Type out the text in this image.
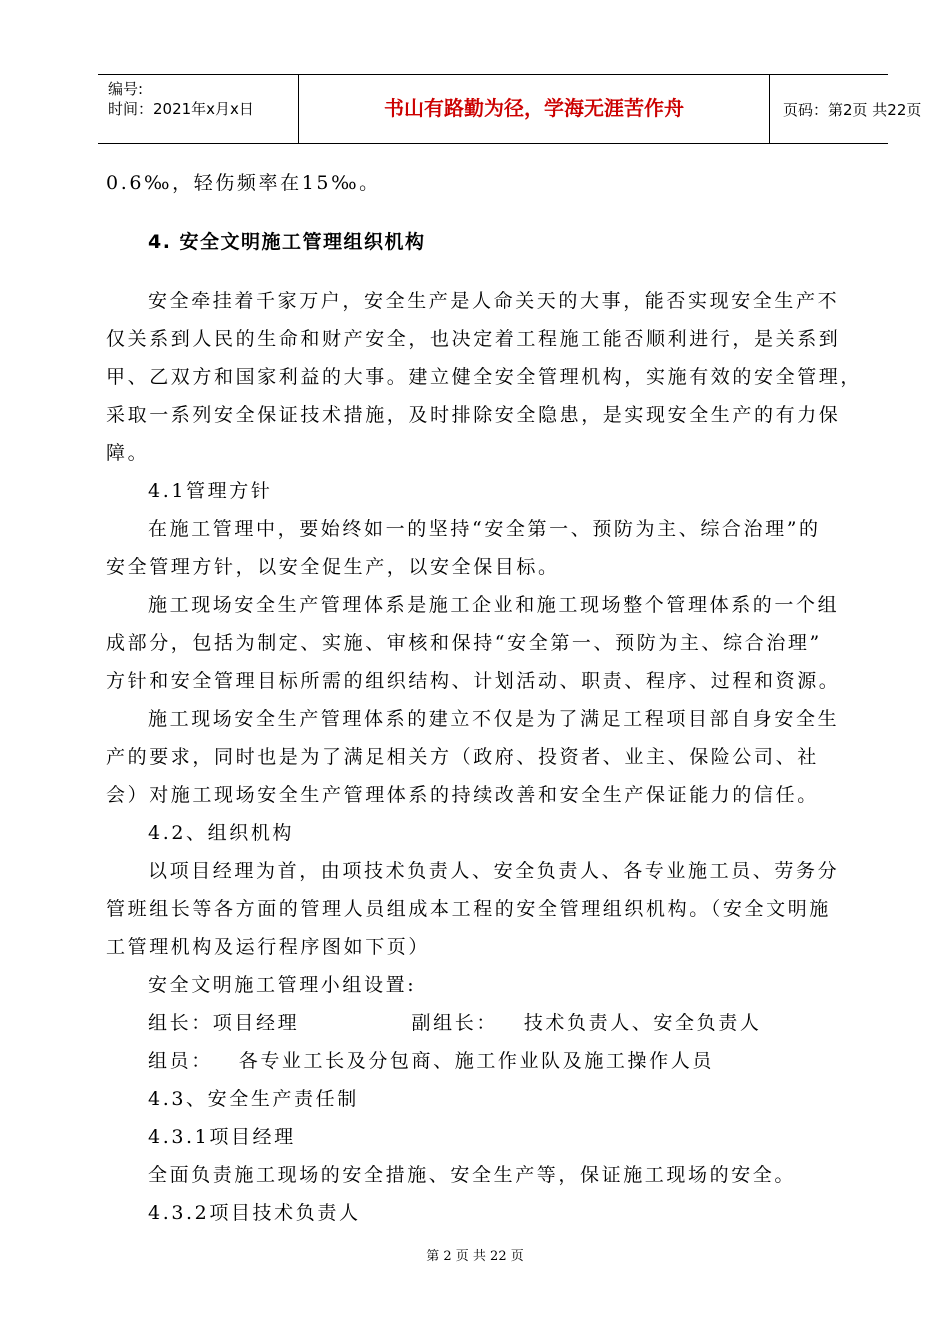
编号:
时间：2021年x月x日	书山有路勤为径，学海无涯苦作舟	页码：第2页 共22页
0.6‰，轻伤频率在15‰。
4. 安全文明施工管理组织机构
安全牵挂着千家万户，安全生产是人命关天的大事，能否实现安全生产不
仅关系到人民的生命和财产安全，也决定着工程施工能否顺利进行，是关系到
甲、乙双方和国家利益的大事。建立健全安全管理机构，实施有效的安全管理，
采取一系列安全保证技术措施，及时排除安全隐患，是实现安全生产的有力保
障。
4.1管理方针
在施工管理中，要始终如一的坚持“安全第一、预防为主、综合治理”的
安全管理方针，以安全促生产，以安全保目标。
施工现场安全生产管理体系是施工企业和施工现场整个管理体系的一个组
成部分，包括为制定、实施、审核和保持“安全第一、预防为主、综合治理”
方针和安全管理目标所需的组织结构、计划活动、职责、程序、过程和资源。
施工现场安全生产管理体系的建立不仅是为了满足工程项目部自身安全生
产的要求，同时也是为了满足相关方（政府、投资者、业主、保险公司、社
会）对施工现场安全生产管理体系的持续改善和安全生产保证能力的信任。
4.2、组织机构
以项目经理为首，由项技术负责人、安全负责人、各专业施工员、劳务分
管班组长等各方面的管理人员组成本工程的安全管理组织机构。（安全文明施
工管理机构及运行程序图如下页）
安全文明施工管理小组设置:
组长：项目经理             副组长：   技术负责人、安全负责人
组员：   各专业工长及分包商、施工作业队及施工操作人员
4.3、安全生产责任制
4.3.1项目经理
全面负责施工现场的安全措施、安全生产等，保证施工现场的安全。
4.3.2项目技术负责人
第 2 页 共 22 页
